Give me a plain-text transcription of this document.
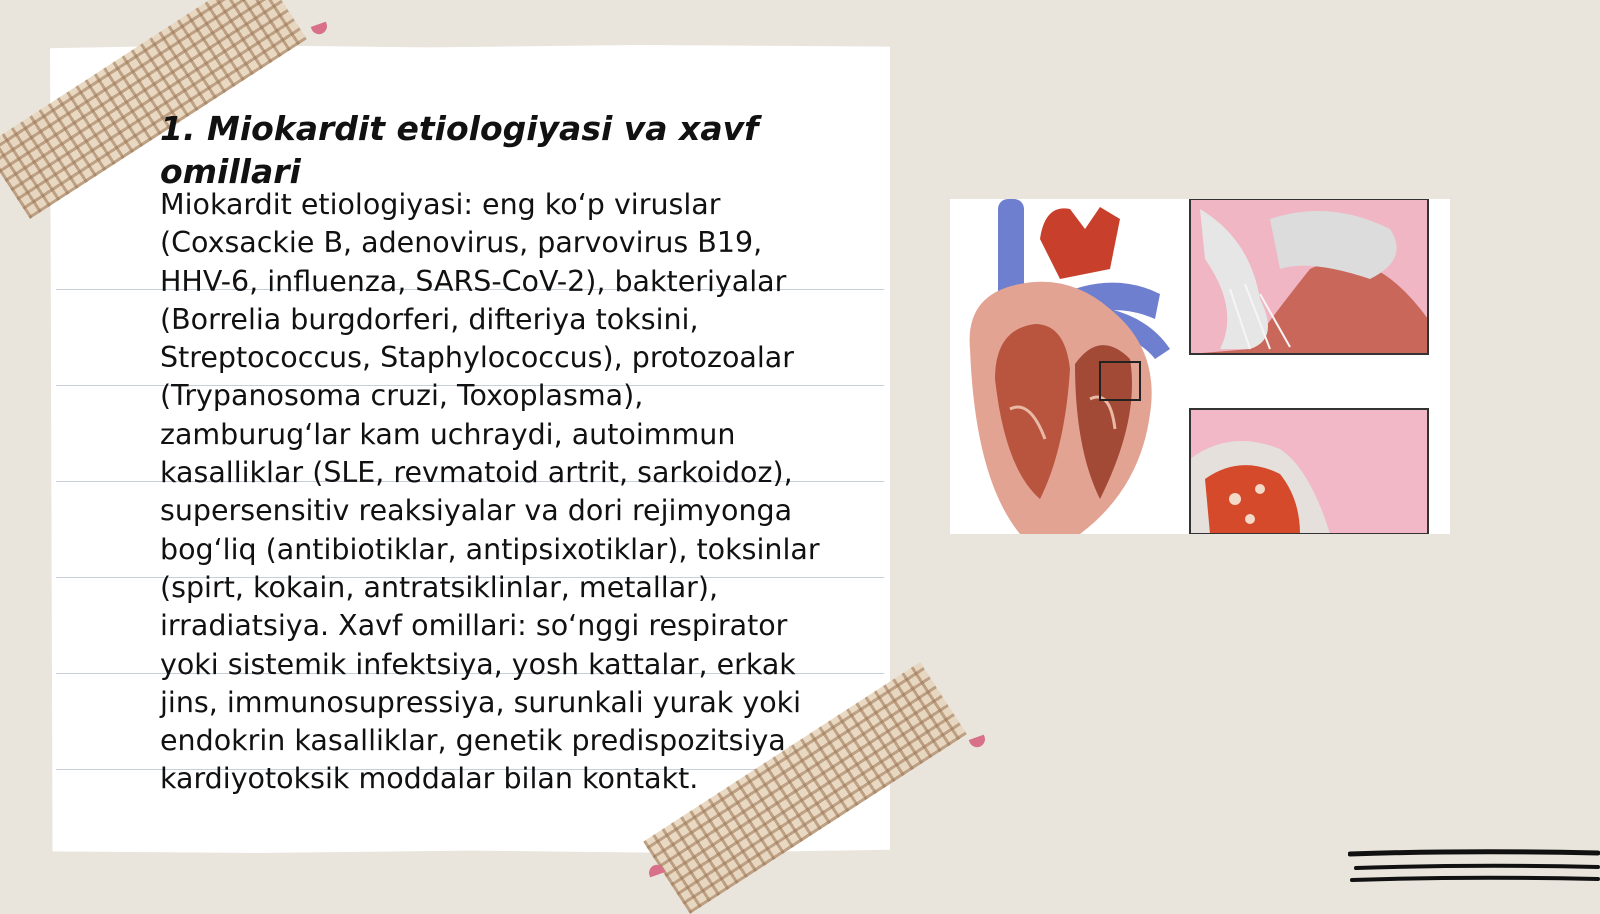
1. Miokardit etiologiyasi va xavf omillari

Miokardit etiologiyasi: eng ko‘p viruslar (Coxsackie B, adenovirus, parvovirus B19, HHV-6, influenza, SARS-CoV-2), bakteriyalar (Borrelia burgdorferi, difteriya toksini, Streptococcus, Staphylococcus), protozoalar (Trypanosoma cruzi, Toxoplasma), zamburug‘lar kam uchraydi, autoimmun kasalliklar (SLE, revmatoid artrit, sarkoidoz), supersensitiv reaksiyalar va dori rejimyonga bog‘liq (antibiotiklar, antipsixotiklar), toksinlar (spirt, kokain, antratsiklinlar, metallar), irradiatsiya. Xavf omillari: so‘nggi respirator yoki sistemik infektsiya, yosh kattalar, erkak jins, immunosupressiya, surunkali yurak yoki endokrin kasalliklar, genetik predispozitsiya, kardiyotoksik moddalar bilan kontakt.
